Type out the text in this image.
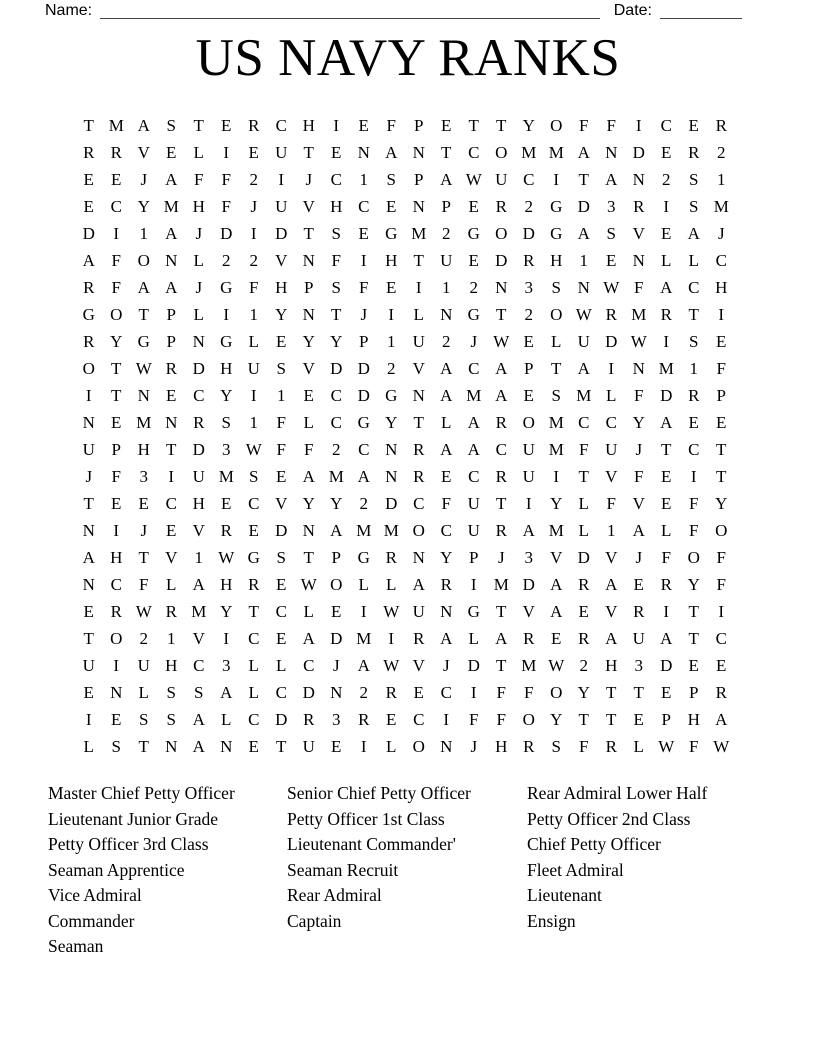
Name:	Date:
US NAVY RANKS
T M A S T E R C H I E F P E T T Y O F F I C E R
R R V E L I E U T E N A N T C O M M A N D E R 2
E E J A F F 2 I J C 1 S P A W U C I T A N 2 S 1
E C Y M H F J U V H C E N P E R 2 G D 3 R I S M
D I 1 A J D I D T S E G M 2 G O D G A S V E A J
A F O N L 2 2 V N F I H T U E D R H 1 E N L L C
R F A A J G F H P S F E I 1 2 N 3 S N W F A C H
G O T P L I 1 Y N T J I L N G T 2 O W R M R T I
R Y G P N G L E Y Y P 1 U 2 J W E L U D W I S E
O T W R D H U S V D D 2 V A C A P T A I N M 1 F
I T N E C Y I 1 E C D G N A M A E S M L F D R P
N E M N R S 1 F L C G Y T L A R O M C C Y A E E
U P H T D 3 W F F 2 C N R A A C U M F U J T C T
J F 3 I U M S E A M A N R E C R U I T V F E I T
T E E C H E C V Y Y 2 D C F U T I Y L F V E F Y
N I J E V R E D N A M M O C U R A M L 1 A L F O
A H T V 1 W G S T P G R N Y P J 3 V D V J F O F
N C F L A H R E W O L L A R I M D A R A E R Y F
E R W R M Y T C L E I W U N G T V A E V R I T I
T O 2 1 V I C E A D M I R A L A R E R A U A T C
U I U H C 3 L L C J A W V J D T M W 2 H 3 D E E
E N L S S A L C D N 2 R E C I F F O Y T T E P R
I E S S A L C D R 3 R E C I F F O Y T T E P H A
L S T N A N E T U E I L O N J H R S F R L W F W
Master Chief Petty Officer
Lieutenant Junior Grade
Petty Officer 3rd Class
Seaman Apprentice
Vice Admiral
Commander
Seaman
Senior Chief Petty Officer
Petty Officer 1st Class
Lieutenant Commander'
Seaman Recruit
Rear Admiral
Captain
Rear Admiral Lower Half
Petty Officer 2nd Class
Chief Petty Officer
Fleet Admiral
Lieutenant
Ensign
